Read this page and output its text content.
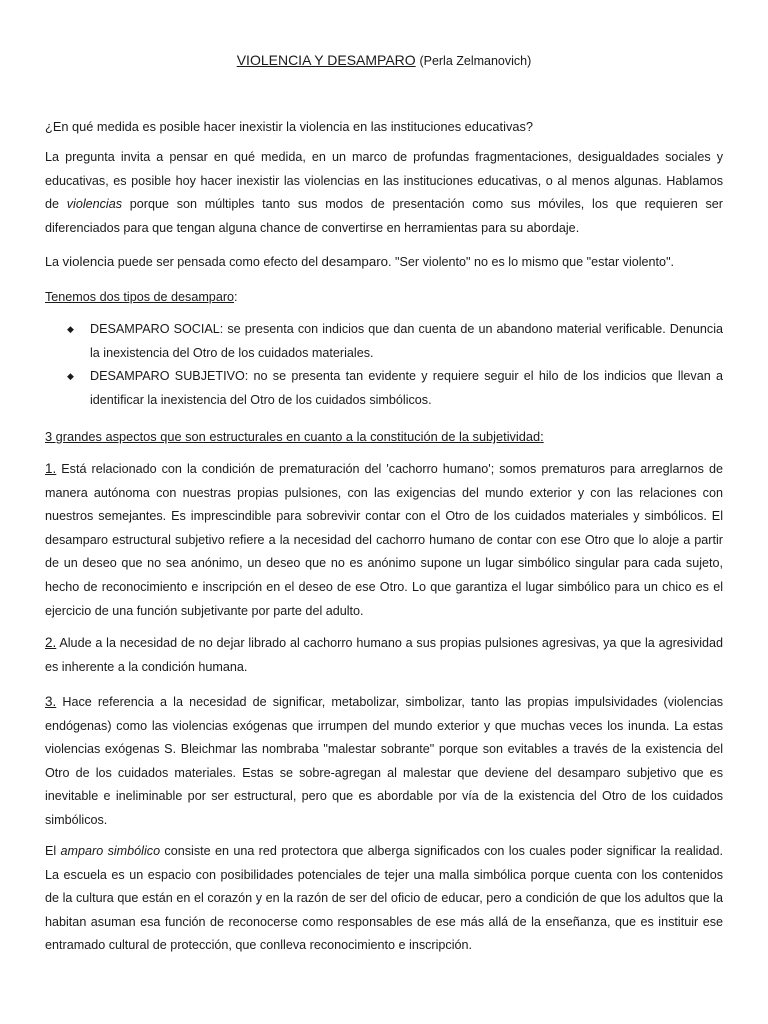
VIOLENCIA Y DESAMPARO (Perla Zelmanovich)
¿En qué medida es posible hacer inexistir la violencia en las instituciones educativas?
La pregunta invita a pensar en qué medida, en un marco de profundas fragmentaciones, desigualdades sociales y educativas, es posible hoy hacer inexistir las violencias en las instituciones educativas, o al menos algunas. Hablamos de violencias porque son múltiples tanto sus modos de presentación como sus móviles, los que requieren ser diferenciados para que tengan alguna chance de convertirse en herramientas para su abordaje.
La violencia puede ser pensada como efecto del desamparo. "Ser violento" no es lo mismo que "estar violento".
Tenemos dos tipos de desamparo:
◆ DESAMPARO SOCIAL: se presenta con indicios que dan cuenta de un abandono material verificable. Denuncia la inexistencia del Otro de los cuidados materiales.
◆ DESAMPARO SUBJETIVO: no se presenta tan evidente y requiere seguir el hilo de los indicios que llevan a identificar la inexistencia del Otro de los cuidados simbólicos.
3 grandes aspectos que son estructurales en cuanto a la constitución de la subjetividad:
1. Está relacionado con la condición de prematuración del 'cachorro humano'; somos prematuros para arreglarnos de manera autónoma con nuestras propias pulsiones, con las exigencias del mundo exterior y con las relaciones con nuestros semejantes. Es imprescindible para sobrevivir contar con el Otro de los cuidados materiales y simbólicos. El desamparo estructural subjetivo refiere a la necesidad del cachorro humano de contar con ese Otro que lo aloje a partir de un deseo que no sea anónimo, un deseo que no es anónimo supone un lugar simbólico singular para cada sujeto, hecho de reconocimiento e inscripción en el deseo de ese Otro. Lo que garantiza el lugar simbólico para un chico es el ejercicio de una función subjetivante por parte del adulto.
2. Alude a la necesidad de no dejar librado al cachorro humano a sus propias pulsiones agresivas, ya que la agresividad es inherente a la condición humana.
3. Hace referencia a la necesidad de significar, metabolizar, simbolizar, tanto las propias impulsividades (violencias endógenas) como las violencias exógenas que irrumpen del mundo exterior y que muchas veces los inunda. La estas violencias exógenas S. Bleichmar las nombraba "malestar sobrante" porque son evitables a través de la existencia del Otro de los cuidados materiales. Estas se sobre-agregan al malestar que deviene del desamparo subjetivo que es inevitable e ineliminable por ser estructural, pero que es abordable por vía de la existencia del Otro de los cuidados simbólicos.
El amparo simbólico consiste en una red protectora que alberga significados con los cuales poder significar la realidad. La escuela es un espacio con posibilidades potenciales de tejer una malla simbólica porque cuenta con los contenidos de la cultura que están en el corazón y en la razón de ser del oficio de educar, pero a condición de que los adultos que la habitan asuman esa función de reconocerse como responsables de ese más allá de la enseñanza, que es instituir ese entramado cultural de protección, que conlleva reconocimiento e inscripción.
